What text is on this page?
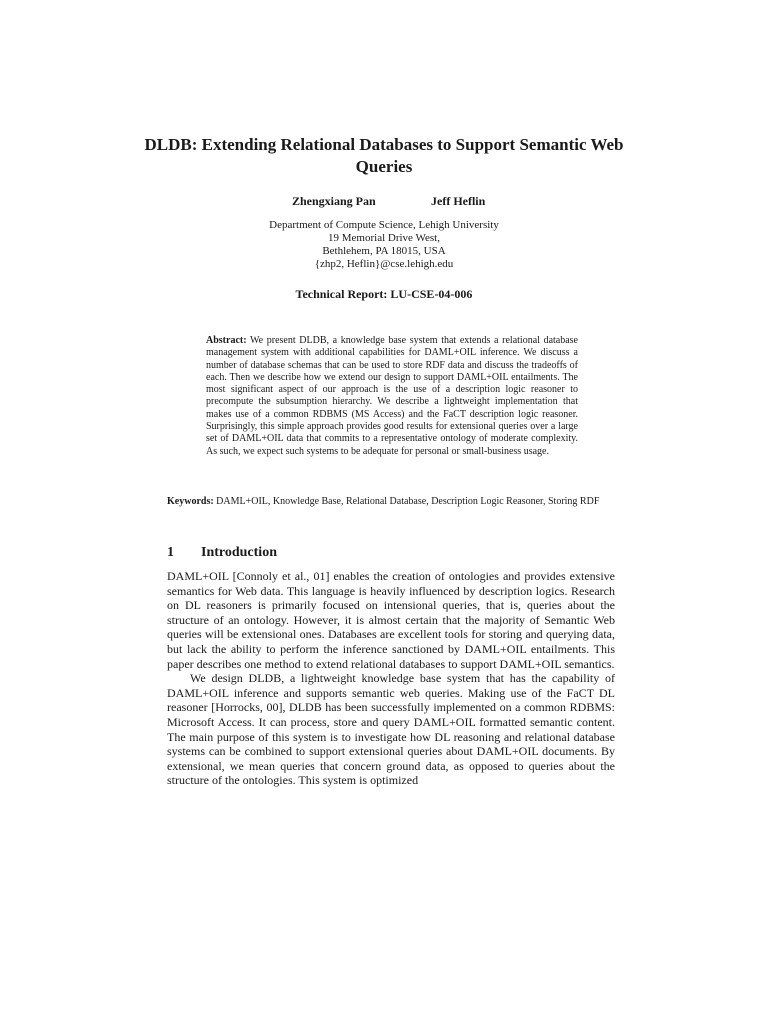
DLDB: Extending Relational Databases to Support Semantic Web Queries
Zhengxiang Pan	Jeff Heflin
Department of Compute Science, Lehigh University
19 Memorial Drive West,
Bethlehem, PA 18015, USA
{zhp2, Heflin}@cse.lehigh.edu
Technical Report: LU-CSE-04-006
Abstract: We present DLDB, a knowledge base system that extends a relational database management system with additional capabilities for DAML+OIL inference. We discuss a number of database schemas that can be used to store RDF data and discuss the tradeoffs of each. Then we describe how we extend our design to support DAML+OIL entailments. The most significant aspect of our approach is the use of a description logic reasoner to precompute the subsumption hierarchy. We describe a lightweight implementation that makes use of a common RDBMS (MS Access) and the FaCT description logic reasoner. Surprisingly, this simple approach provides good results for extensional queries over a large set of DAML+OIL data that commits to a representative ontology of moderate complexity. As such, we expect such systems to be adequate for personal or small-business usage.
Keywords: DAML+OIL, Knowledge Base, Relational Database, Description Logic Reasoner, Storing RDF
1 Introduction

DAML+OIL [Connoly et al., 01] enables the creation of ontologies and provides extensive semantics for Web data. This language is heavily influenced by description logics. Research on DL reasoners is primarily focused on intensional queries, that is, queries about the structure of an ontology. However, it is almost certain that the majority of Semantic Web queries will be extensional ones. Databases are excellent tools for storing and querying data, but lack the ability to perform the inference sanctioned by DAML+OIL entailments. This paper describes one method to extend relational databases to support DAML+OIL semantics.

We design DLDB, a lightweight knowledge base system that has the capability of DAML+OIL inference and supports semantic web queries. Making use of the FaCT DL reasoner [Horrocks, 00], DLDB has been successfully implemented on a common RDBMS: Microsoft Access. It can process, store and query DAML+OIL formatted semantic content. The main purpose of this system is to investigate how DL reasoning and relational database systems can be combined to support extensional queries about DAML+OIL documents. By extensional, we mean queries that concern ground data, as opposed to queries about the structure of the ontologies. This system is optimized
